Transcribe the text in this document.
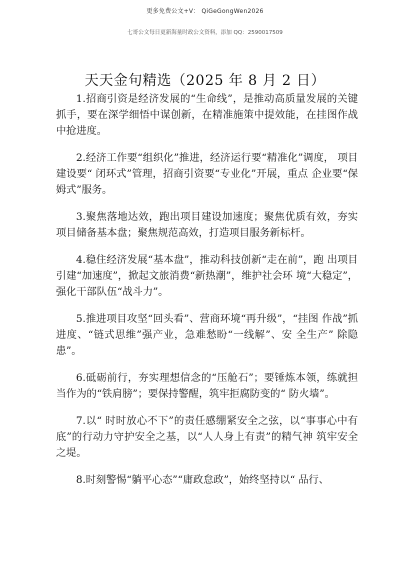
更多免费公文+V： QiGeGongWen2026
七哥公文每日更新海量时政公文资料，添加 QQ：2590017509
天天金句精选（2025 年 8 月 2 日）

1.招商引资是经济发展的“生命线”，是推动高质量发展的关键抓手，要在深学细悟中谋创新，在精准施策中提效能，在挂图作战中抢进度。

2.经济工作要“组织化”推进，经济运行要“精准化”调度， 项目建设要“ 闭环式”管理，招商引资要“专业化”开展，重点 企业要“保姆式”服务。

3.聚焦落地达效，跑出项目建设加速度；聚焦优质有效，夯实项目储备基本盘；聚焦规范高效，打造项目服务新标杆。

4.稳住经济发展“基本盘”，推动科技创新“走在前”，跑 出项目引建“加速度”，掀起文旅消费“新热潮”，维护社会环 境“大稳定”，强化干部队伍“战斗力”。

5.推进项目攻坚“回头看”、营商环境“再升级”，“挂图 作战”抓进度、“链式思维”强产业，急难愁盼“一线解”、安 全生产” 除隐患”。

6.砥砺前行，夯实理想信念的“压舱石”；要锤炼本领，练就担当作为的“铁肩膀”；要保持警醒，筑牢拒腐防变的“ 防火墙”。

7.以“ 时时放心不下”的责任感绷紧安全之弦，以“事事心中有底”的行动力守护安全之基，以“人人身上有责”的精气神 筑牢安全之堤。

8.时刻警惕“躺平心态”“庸政怠政”，始终坚持以“ 品行、
